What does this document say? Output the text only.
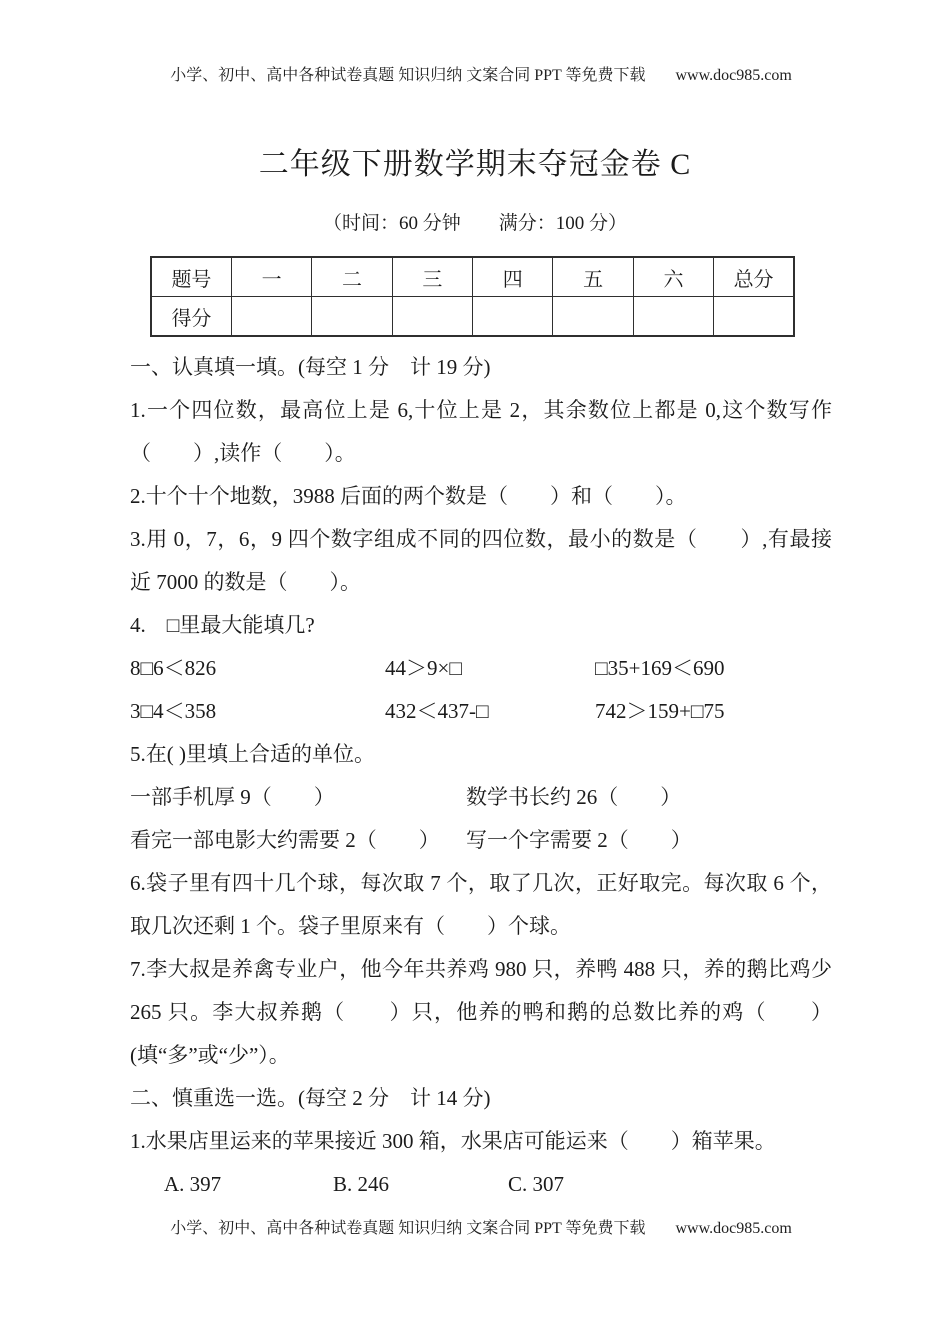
小学、初中、高中各种试卷真题 知识归纳 文案合同 PPT 等免费下载 www.doc985.com
二年级下册数学期末夺冠金卷 C
（时间：60 分钟　　满分：100 分）
题号	一	二	三	四	五	六	总分
得分							

一、认真填一填。(每空 1 分　计 19 分)

1.一个四位数，最高位上是 6,十位上是 2，其余数位上都是 0,这个数写作（　　）,读作（　　）。

2.十个十个地数，3988 后面的两个数是（　　）和（　　）。

3.用 0，7，6，9 四个数字组成不同的四位数，最小的数是（　　）,有最接近 7000 的数是（　　）。

4.　□里最大能填几?

8□6＜826	44＞9×□	□35+169＜690
3□4＜358	432＜437-□	742＞159+□75

5.在( )里填上合适的单位。

一部手机厚 9（　　）	数学书长约 26（　　）
看完一部电影大约需要 2（　　）	写一个字需要 2（　　）

6.袋子里有四十几个球，每次取 7 个，取了几次，正好取完。每次取 6 个，取几次还剩 1 个。袋子里原来有（　　）个球。

7.李大叔是养禽专业户，他今年共养鸡 980 只，养鸭 488 只，养的鹅比鸡少 265 只。李大叔养鹅（　　）只，他养的鸭和鹅的总数比养的鸡（　　）(填“多”或“少”）。

二、慎重选一选。(每空 2 分　计 14 分)

1.水果店里运来的苹果接近 300 箱，水果店可能运来（　　）箱苹果。

A. 397	B. 246	C. 307
小学、初中、高中各种试卷真题 知识归纳 文案合同 PPT 等免费下载 www.doc985.com
